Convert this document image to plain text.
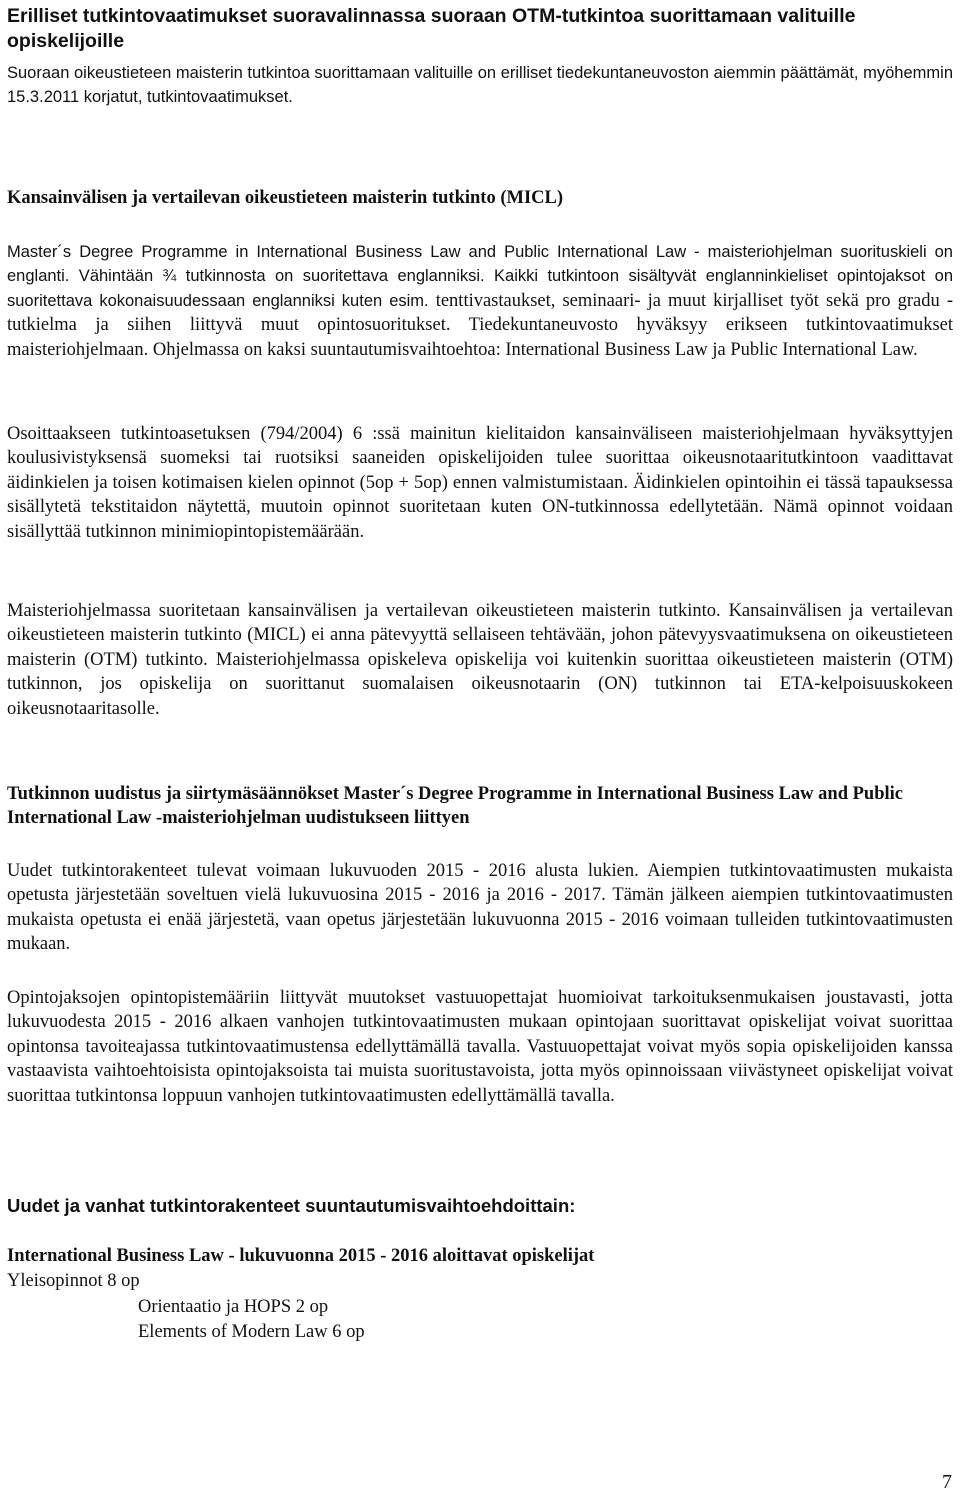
Erilliset tutkintovaatimukset suoravalinnassa suoraan OTM-tutkintoa suorittamaan valituille opiskelijoille

Suoraan oikeustieteen maisterin tutkintoa suorittamaan valituille on erilliset tiedekuntaneuvoston aiemmin päättämät, myöhemmin 15.3.2011 korjatut, tutkintovaatimukset.

Kansainvälisen ja vertailevan oikeustieteen maisterin tutkinto (MICL)

Master´s Degree Programme in International Business Law and Public International Law - maisteriohjelman suorituskieli on englanti. Vähintään ¾ tutkinnosta on suoritettava englanniksi. Kaikki tutkintoon sisältyvät englanninkieliset opintojaksot on suoritettava kokonaisuudessaan englanniksi kuten esim. tenttivastaukset, seminaari- ja muut kirjalliset työt sekä pro gradu -tutkielma ja siihen liittyvä muut opintosuoritukset. Tiedekuntaneuvosto hyväksyy erikseen tutkintovaatimukset maisteriohjelmaan. Ohjelmassa on kaksi suuntautumisvaihtoehtoa: International Business Law ja Public International Law.

Osoittaakseen tutkintoasetuksen (794/2004) 6 :ssä mainitun kielitaidon kansainväliseen maisteriohjelmaan hyväksyttyjen koulusivistyksensä suomeksi tai ruotsiksi saaneiden opiskelijoiden tulee suorittaa oikeusnotaaritutkintoon vaadittavat äidinkielen ja toisen kotimaisen kielen opinnot (5op + 5op) ennen valmistumistaan. Äidinkielen opintoihin ei tässä tapauksessa sisällytetä tekstitaidon näytettä, muutoin opinnot suoritetaan kuten ON-tutkinnossa edellytetään. Nämä opinnot voidaan sisällyttää tutkinnon minimiopintopistemäärään.

Maisteriohjelmassa suoritetaan kansainvälisen ja vertailevan oikeustieteen maisterin tutkinto. Kansainvälisen ja vertailevan oikeustieteen maisterin tutkinto (MICL) ei anna pätevyyttä sellaiseen tehtävään, johon pätevyysvaatimuksena on oikeustieteen maisterin (OTM) tutkinto. Maisteriohjelmassa opiskeleva opiskelija voi kuitenkin suorittaa oikeustieteen maisterin (OTM) tutkinnon, jos opiskelija on suorittanut suomalaisen oikeusnotaarin (ON) tutkinnon tai ETA-kelpoisuuskokeen oikeusnotaaritasolle.

Tutkinnon uudistus ja siirtymäsäännökset Master´s Degree Programme in International Business Law and Public International Law -maisteriohjelman uudistukseen liittyen

Uudet tutkintorakenteet tulevat voimaan lukuvuoden 2015 - 2016 alusta lukien. Aiempien tutkintovaatimusten mukaista opetusta järjestetään soveltuen vielä lukuvuosina 2015 - 2016 ja 2016 - 2017. Tämän jälkeen aiempien tutkintovaatimusten mukaista opetusta ei enää järjestetä, vaan opetus järjestetään lukuvuonna 2015 - 2016 voimaan tulleiden tutkintovaatimusten mukaan.

Opintojaksojen opintopistemääriin liittyvät muutokset vastuuopettajat huomioivat tarkoituksenmukaisen joustavasti, jotta lukuvuodesta 2015 - 2016 alkaen vanhojen tutkintovaatimusten mukaan opintojaan suorittavat opiskelijat voivat suorittaa opintonsa tavoiteajassa tutkintovaatimustensa edellyttämällä tavalla. Vastuuopettajat voivat myös sopia opiskelijoiden kanssa vastaavista vaihtoehtoisista opintojaksoista tai muista suoritustavoista, jotta myös opinnoissaan viivästyneet opiskelijat voivat suorittaa tutkintonsa loppuun vanhojen tutkintovaatimusten edellyttämällä tavalla.

Uudet ja vanhat tutkintorakenteet suuntautumisvaihtoehdoittain:

International Business Law - lukuvuonna 2015 - 2016 aloittavat opiskelijat

Yleisopinnot 8 op

Orientaatio ja HOPS 2 op

Elements of Modern Law 6 op

7
